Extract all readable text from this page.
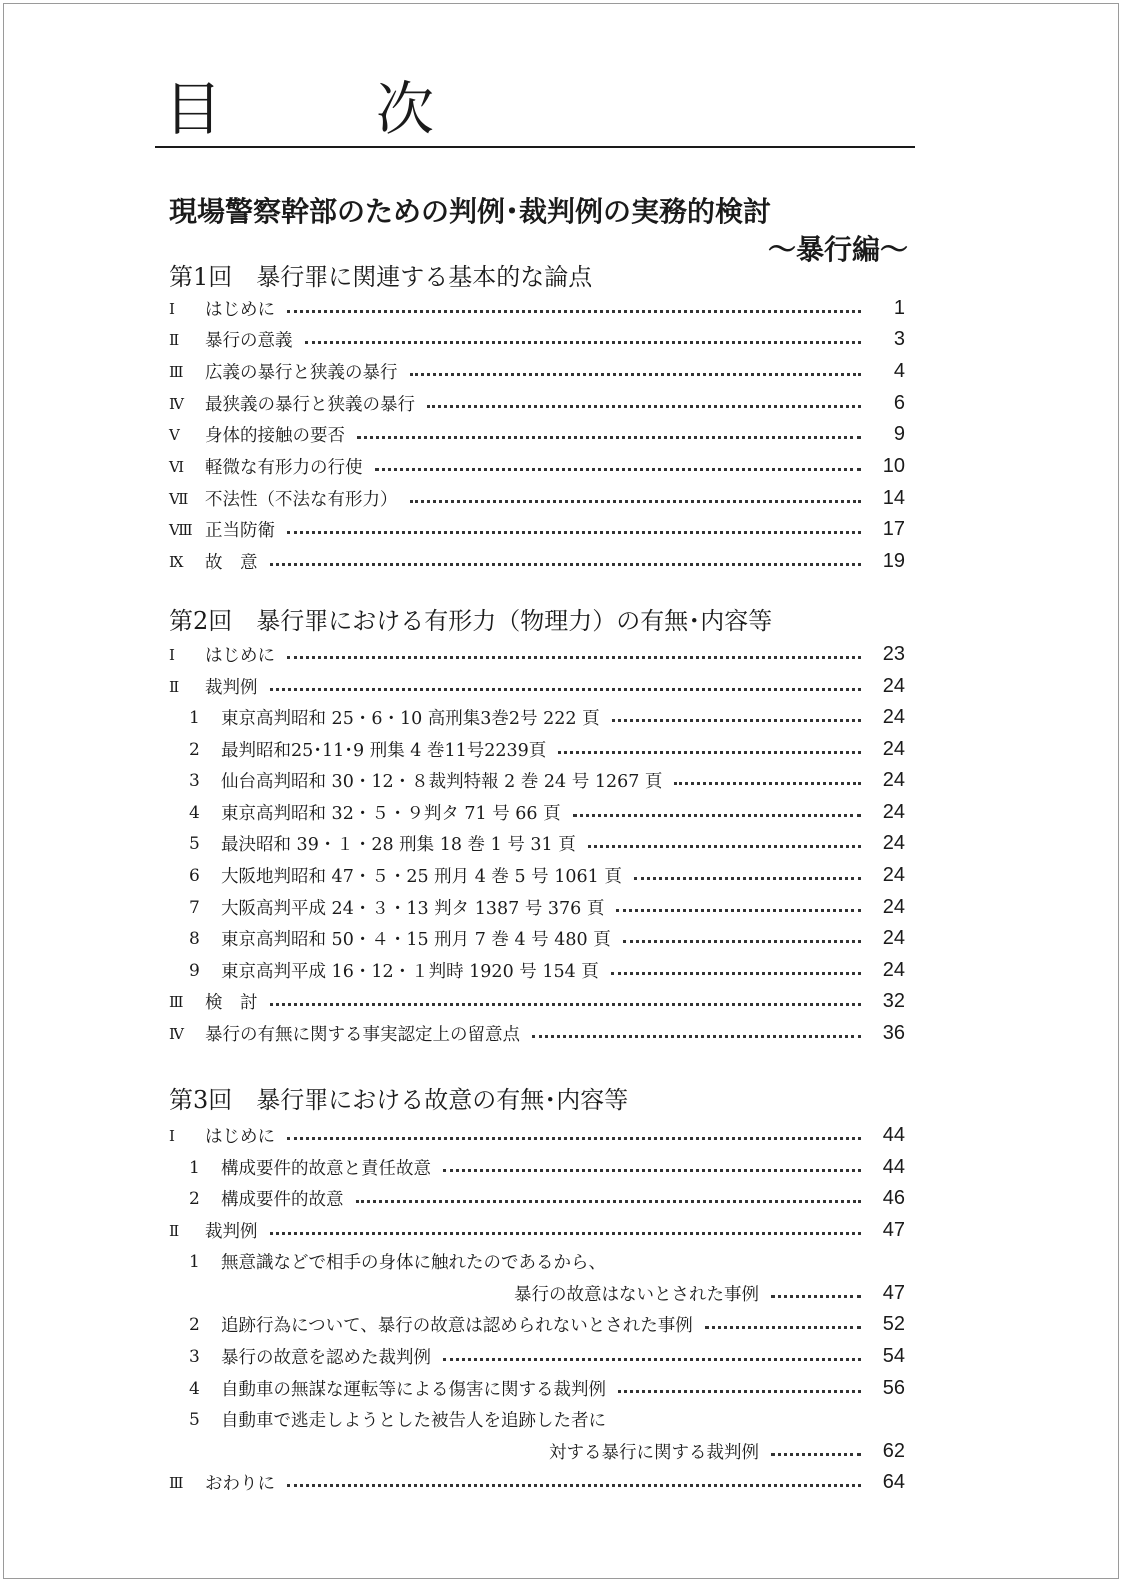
目　次
現場警察幹部のための判例･裁判例の実務的検討
～暴行編～
第1回　暴行罪に関連する基本的な論点
Ⅰ	はじめに	1
Ⅱ	暴行の意義	3
Ⅲ	広義の暴行と狭義の暴行	4
Ⅳ	最狭義の暴行と狭義の暴行	6
Ⅴ	身体的接触の要否	9
Ⅵ	軽微な有形力の行使	10
Ⅶ 不法性（不法な有形力）	14
Ⅷ 正当防衛	17
Ⅸ	故　意	19
第2回　暴行罪における有形力（物理力）の有無･内容等
Ⅰ	はじめに	23
Ⅱ	裁判例	24
1	東京高判昭和 25・6・10 高刑集3巻2号 222 頁	24
2	最判昭和25･11･9 刑集 4 巻11号2239頁	24
3	仙台高判昭和 30・12・８裁判特報 2 巻 24 号 1267 頁	24
4	東京高判昭和 32・５・９判タ 71 号 66 頁	24
5	最決昭和 39・１・28 刑集 18 巻 1 号 31 頁	24
6	大阪地判昭和 47・５・25 刑月 4 巻 5 号 1061 頁	24
7	大阪高判平成 24・３・13 判タ 1387 号 376 頁	24
8	東京高判昭和 50・４・15 刑月 7 巻 4 号 480 頁	24
9	東京高判平成 16・12・１判時 1920 号 154 頁	24
Ⅲ	検　討	32
Ⅳ	暴行の有無に関する事実認定上の留意点	36
第3回　暴行罪における故意の有無･内容等
Ⅰ	はじめに	44
1	構成要件的故意と責任故意	44
2	構成要件的故意	46
Ⅱ	裁判例	47
1	無意識などで相手の身体に触れたのであるから、
暴行の故意はないとされた事例	47
2	追跡行為について、暴行の故意は認められないとされた事例	52
3	暴行の故意を認めた裁判例	54
4	自動車の無謀な運転等による傷害に関する裁判例	56
5	自動車で逃走しようとした被告人を追跡した者に
対する暴行に関する裁判例	62
Ⅲ	おわりに	64
